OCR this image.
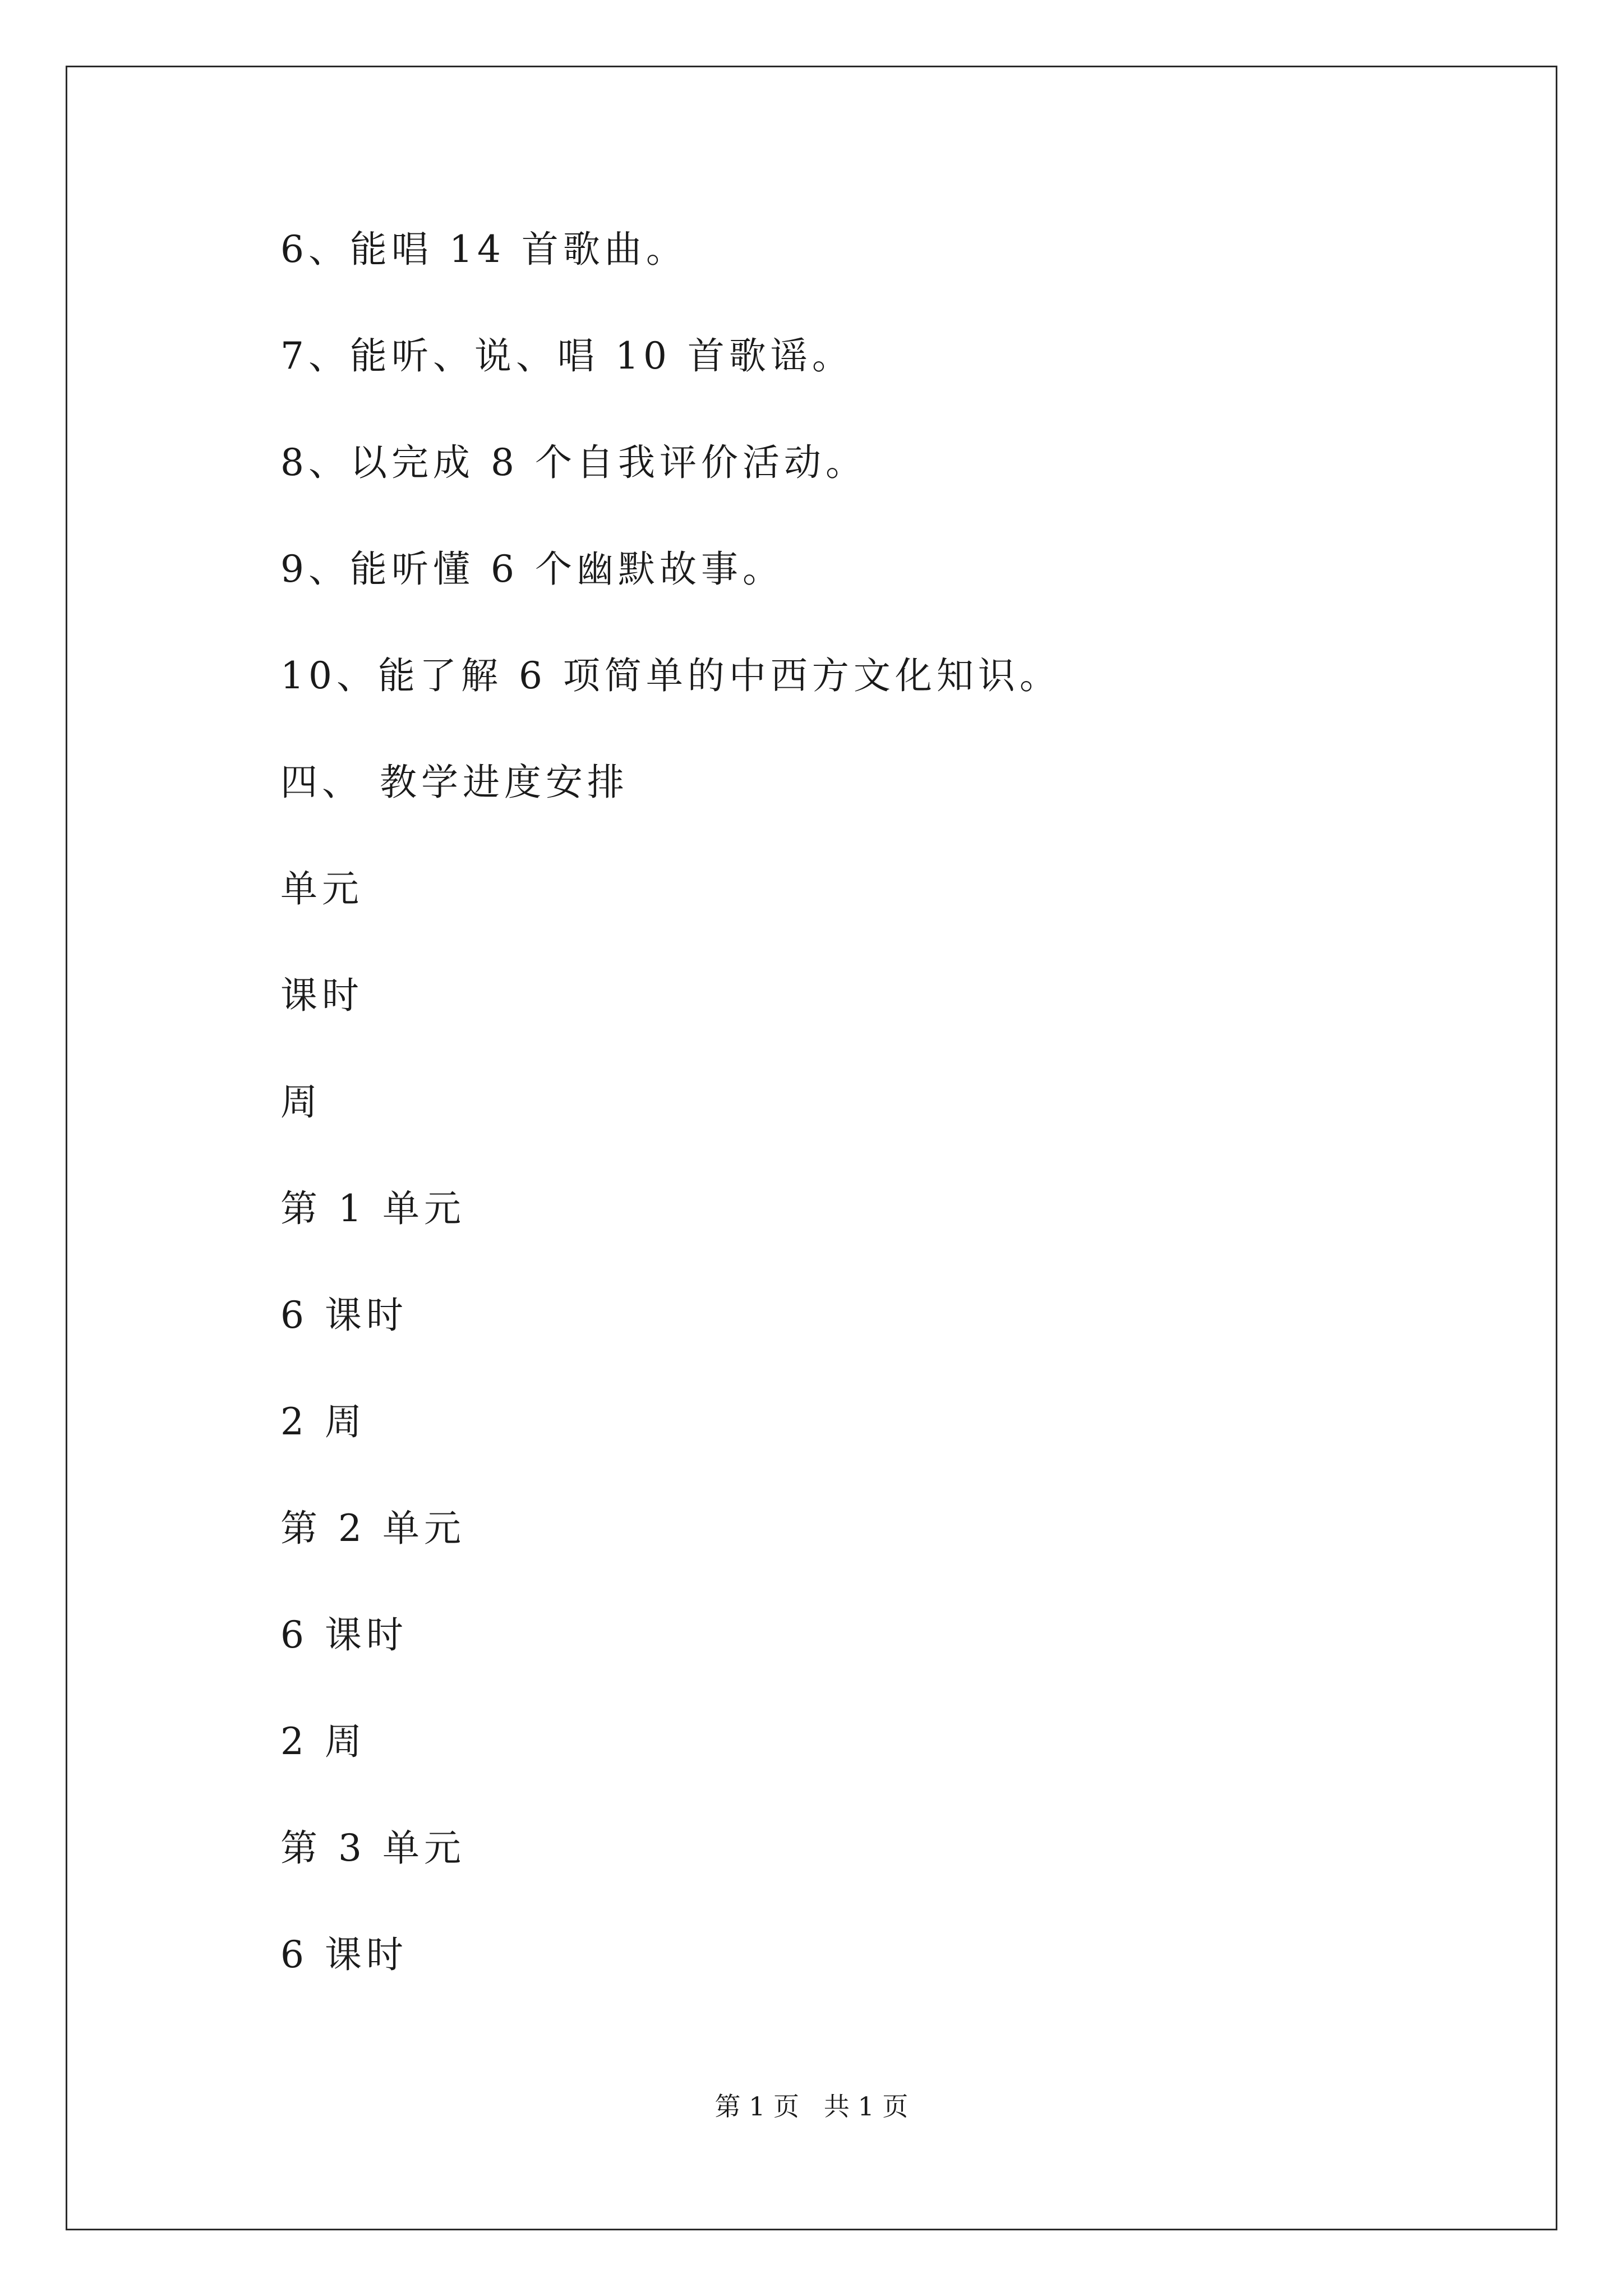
6、能唱 14 首歌曲。
7、能听、说、唱 10 首歌谣。
8、以完成 8 个自我评价活动。
9、能听懂 6 个幽默故事。
10、能了解 6 项简单的中西方文化知识。
四、 教学进度安排
单元
课时
周
第 1 单元
6 课时
2 周
第 2 单元
6 课时
2 周
第 3 单元
6 课时
第 1 页   共 1 页
